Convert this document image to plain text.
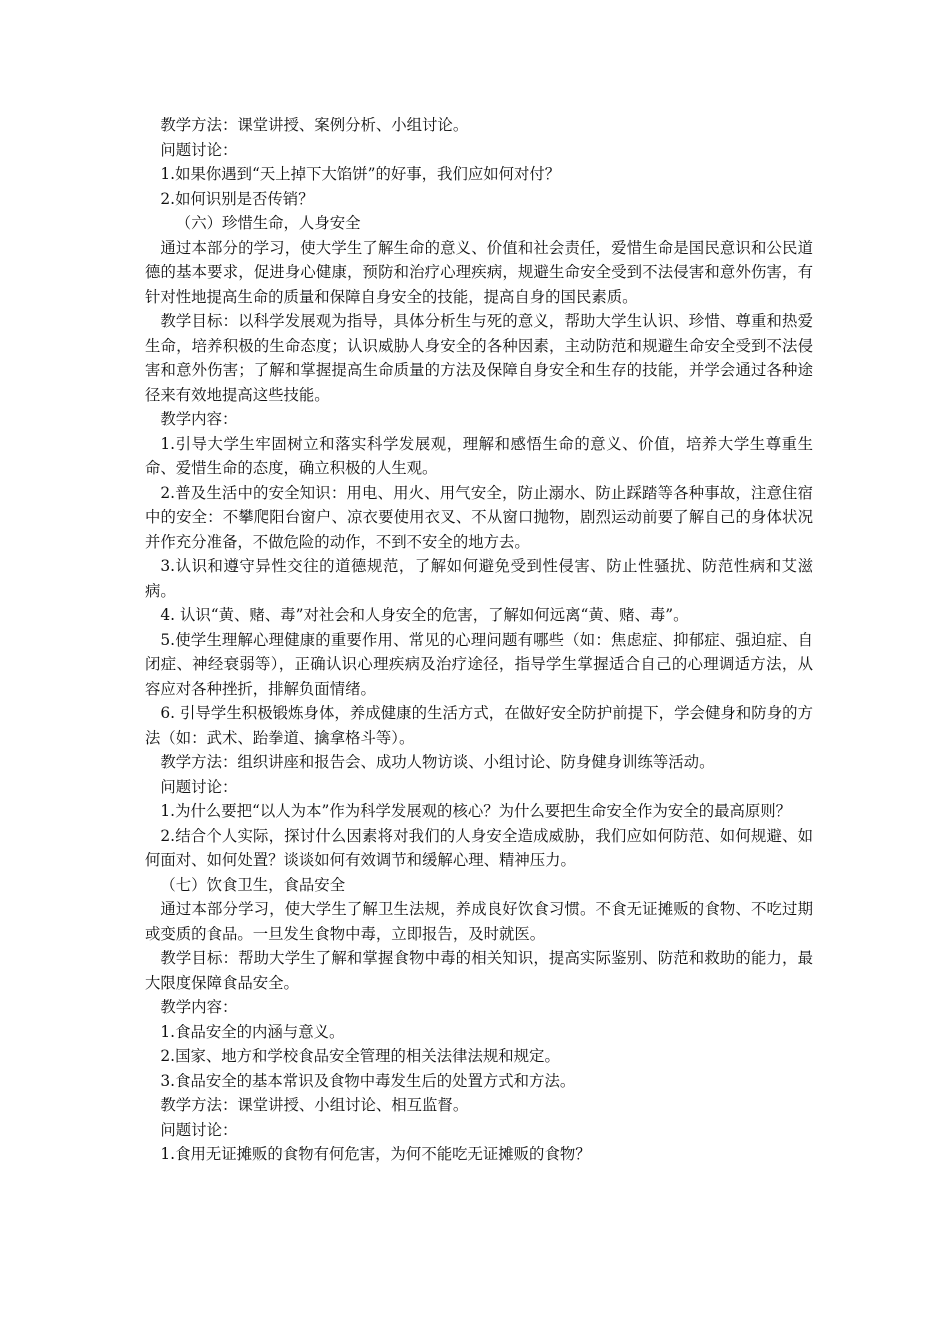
教学方法：课堂讲授、案例分析、小组讨论。

问题讨论：

1.如果你遇到“天上掉下大馅饼”的好事，我们应如何对付？

2.如何识别是否传销？

（六）珍惜生命，人身安全

通过本部分的学习，使大学生了解生命的意义、价值和社会责任，爱惜生命是国民意识和公民道德的基本要求，促进身心健康，预防和治疗心理疾病，规避生命安全受到不法侵害和意外伤害，有针对性地提高生命的质量和保障自身安全的技能，提高自身的国民素质。

教学目标：以科学发展观为指导，具体分析生与死的意义，帮助大学生认识、珍惜、尊重和热爱生命，培养积极的生命态度；认识威胁人身安全的各种因素，主动防范和规避生命安全受到不法侵害和意外伤害；了解和掌握提高生命质量的方法及保障自身安全和生存的技能，并学会通过各种途径来有效地提高这些技能。

教学内容：

1.引导大学生牢固树立和落实科学发展观，理解和感悟生命的意义、价值，培养大学生尊重生命、爱惜生命的态度，确立积极的人生观。

2.普及生活中的安全知识：用电、用火、用气安全，防止溺水、防止踩踏等各种事故，注意住宿中的安全：不攀爬阳台窗户、凉衣要使用衣叉、不从窗口抛物，剧烈运动前要了解自己的身体状况并作充分准备，不做危险的动作，不到不安全的地方去。

3.认识和遵守异性交往的道德规范，了解如何避免受到性侵害、防止性骚扰、防范性病和艾滋病。

4. 认识“黄、赌、毒”对社会和人身安全的危害，了解如何远离“黄、赌、毒”。

5.使学生理解心理健康的重要作用、常见的心理问题有哪些（如：焦虑症、抑郁症、强迫症、自闭症、神经衰弱等），正确认识心理疾病及治疗途径，指导学生掌握适合自己的心理调适方法，从容应对各种挫折，排解负面情绪。

6. 引导学生积极锻炼身体，养成健康的生活方式，在做好安全防护前提下，学会健身和防身的方法（如：武术、跆拳道、擒拿格斗等）。

教学方法：组织讲座和报告会、成功人物访谈、小组讨论、防身健身训练等活动。

问题讨论：

1.为什么要把“以人为本”作为科学发展观的核心？为什么要把生命安全作为安全的最高原则？

2.结合个人实际，探讨什么因素将对我们的人身安全造成威胁，我们应如何防范、如何规避、如何面对、如何处置？谈谈如何有效调节和缓解心理、精神压力。

（七）饮食卫生，食品安全

通过本部分学习，使大学生了解卫生法规，养成良好饮食习惯。不食无证摊贩的食物、不吃过期或变质的食品。一旦发生食物中毒，立即报告，及时就医。

教学目标：帮助大学生了解和掌握食物中毒的相关知识，提高实际鉴别、防范和救助的能力，最大限度保障食品安全。

教学内容：

1.食品安全的内涵与意义。

2.国家、地方和学校食品安全管理的相关法律法规和规定。

3.食品安全的基本常识及食物中毒发生后的处置方式和方法。

教学方法：课堂讲授、小组讨论、相互监督。

问题讨论：

1.食用无证摊贩的食物有何危害，为何不能吃无证摊贩的食物？
